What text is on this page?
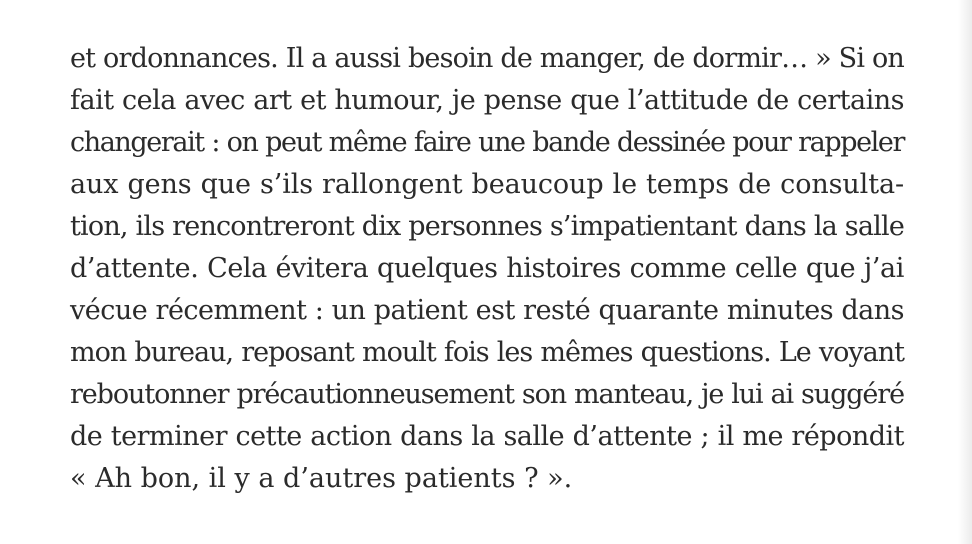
et ordonnances. Il a aussi besoin de manger, de dormir… » Si on
fait cela avec art et humour, je pense que l’attitude de certains
changerait : on peut même faire une bande dessinée pour rappeler
aux gens que s’ils rallongent beaucoup le temps de consulta-
tion, ils rencontreront dix personnes s’impatientant dans la salle
d’attente. Cela évitera quelques histoires comme celle que j’ai
vécue récemment : un patient est resté quarante minutes dans
mon bureau, reposant moult fois les mêmes questions. Le voyant
reboutonner précautionneusement son manteau, je lui ai suggéré
de terminer cette action dans la salle d’attente ; il me répondit
« Ah bon, il y a d’autres patients ? ».
